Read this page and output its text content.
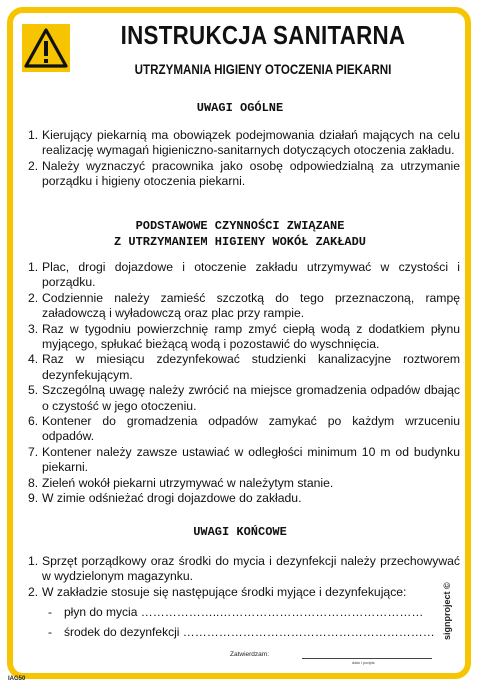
INSTRUKCJA SANITARNA
UTRZYMANIA HIGIENY OTOCZENIA PIEKARNI
UWAGI OGÓLNE
1. Kierujący piekarnią ma obowiązek podejmowania działań mających na celu realizację wymagań higieniczno-sanitarnych dotyczących otoczenia zakładu.
2. Należy wyznaczyć pracownika jako osobę odpowiedzialną za utrzymanie porządku i higieny otoczenia piekarni.
PODSTAWOWE CZYNNOŚCI ZWIĄZANE
Z UTRZYMANIEM HIGIENY WOKÓŁ ZAKŁADU
1. Plac, drogi dojazdowe i otoczenie zakładu utrzymywać w czystości i porządku.
2. Codziennie należy zamieść szczotką do tego przeznaczoną, rampę załadowczą i wyładowczą oraz plac przy rampie.
3. Raz w tygodniu powierzchnię ramp zmyć ciepłą wodą z dodatkiem płynu myjącego, spłukać bieżącą wodą i pozostawić do wyschnięcia.
4. Raz w miesiącu zdezynfekować studzienki kanalizacyjne roztworem dezynfekującym.
5. Szczególną uwagę należy zwrócić na miejsce gromadzenia odpadów dbając o czystość w jego otoczeniu.
6. Kontener do gromadzenia odpadów zamykać po każdym wrzuceniu odpadów.
7. Kontener należy zawsze ustawiać w odległości minimum 10 m od budynku piekarni.
8. Zieleń wokół piekarni utrzymywać w należytym stanie.
9. W zimie odśnieżać drogi dojazdowe do zakładu.
UWAGI KOŃCOWE
1. Sprzęt porządkowy oraz środki do mycia i dezynfekcji należy przechowywać w wydzielonym magazynku.
2. W zakładzie stosuje się następujące środki myjące i dezynfekujące:
- płyn do mycia ………………..……………………………………………
- środek do dezynfekcji ………………………………………………………
Zatwierdzam:
data i podpis
IAG50
signproject ©
